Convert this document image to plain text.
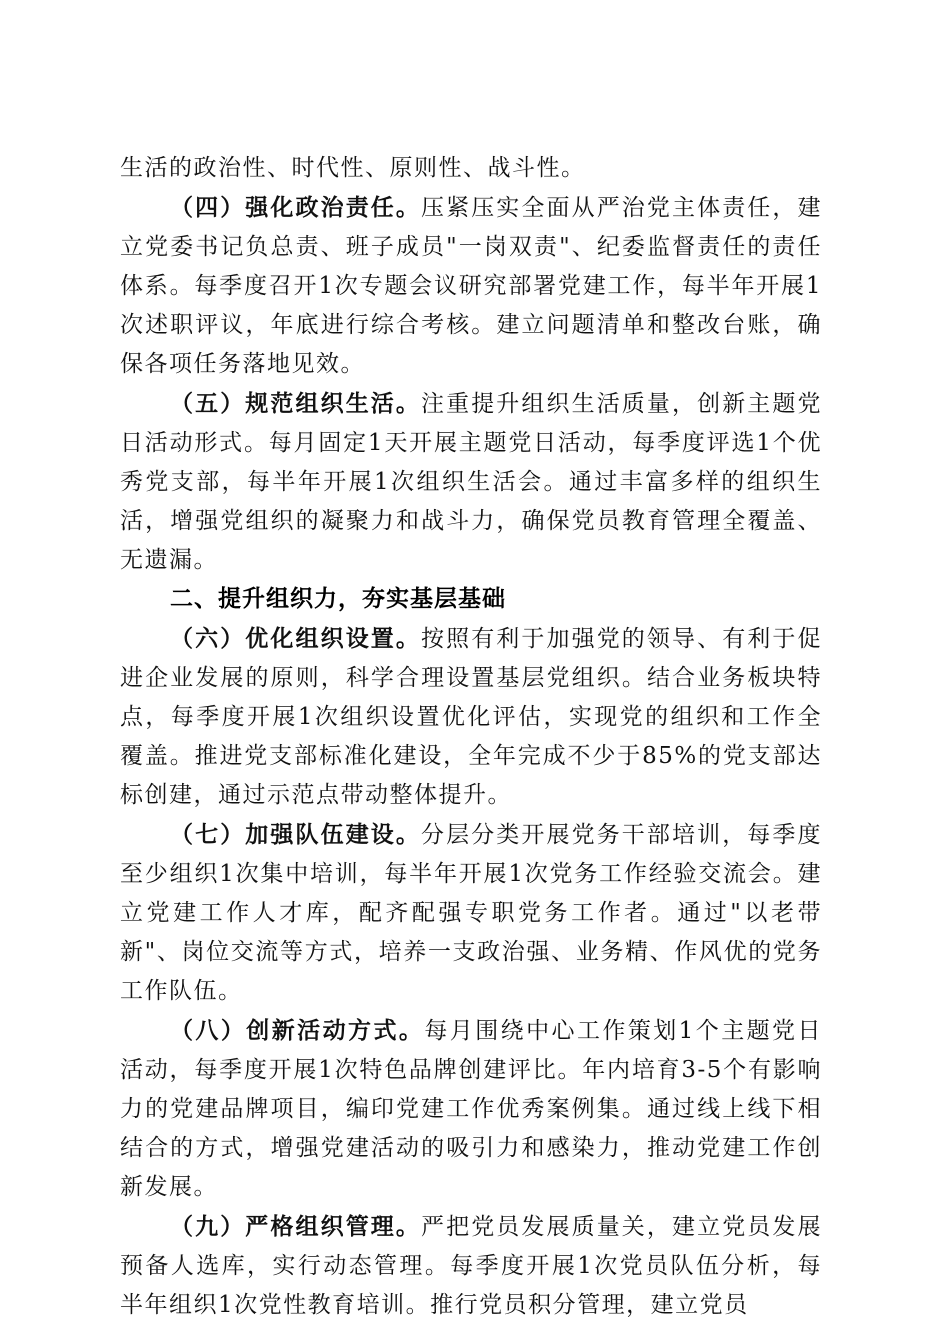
生活的政治性、时代性、原则性、战斗性。

（四）强化政治责任。压紧压实全面从严治党主体责任，建立党委书记负总责、班子成员"一岗双责"、纪委监督责任的责任体系。每季度召开1次专题会议研究部署党建工作，每半年开展1次述职评议，年底进行综合考核。建立问题清单和整改台账，确保各项任务落地见效。

（五）规范组织生活。注重提升组织生活质量，创新主题党日活动形式。每月固定1天开展主题党日活动，每季度评选1个优秀党支部，每半年开展1次组织生活会。通过丰富多样的组织生活，增强党组织的凝聚力和战斗力，确保党员教育管理全覆盖、无遗漏。

二、提升组织力，夯实基层基础

（六）优化组织设置。按照有利于加强党的领导、有利于促进企业发展的原则，科学合理设置基层党组织。结合业务板块特点，每季度开展1次组织设置优化评估，实现党的组织和工作全覆盖。推进党支部标准化建设，全年完成不少于85%的党支部达标创建，通过示范点带动整体提升。

（七）加强队伍建设。分层分类开展党务干部培训，每季度至少组织1次集中培训，每半年开展1次党务工作经验交流会。建立党建工作人才库，配齐配强专职党务工作者。通过"以老带新"、岗位交流等方式，培养一支政治强、业务精、作风优的党务工作队伍。

（八）创新活动方式。每月围绕中心工作策划1个主题党日活动，每季度开展1次特色品牌创建评比。年内培育3-5个有影响力的党建品牌项目，编印党建工作优秀案例集。通过线上线下相结合的方式，增强党建活动的吸引力和感染力，推动党建工作创新发展。

（九）严格组织管理。严把党员发展质量关，建立党员发展预备人选库，实行动态管理。每季度开展1次党员队伍分析，每半年组织1次党性教育培训。推行党员积分管理，建立党员
